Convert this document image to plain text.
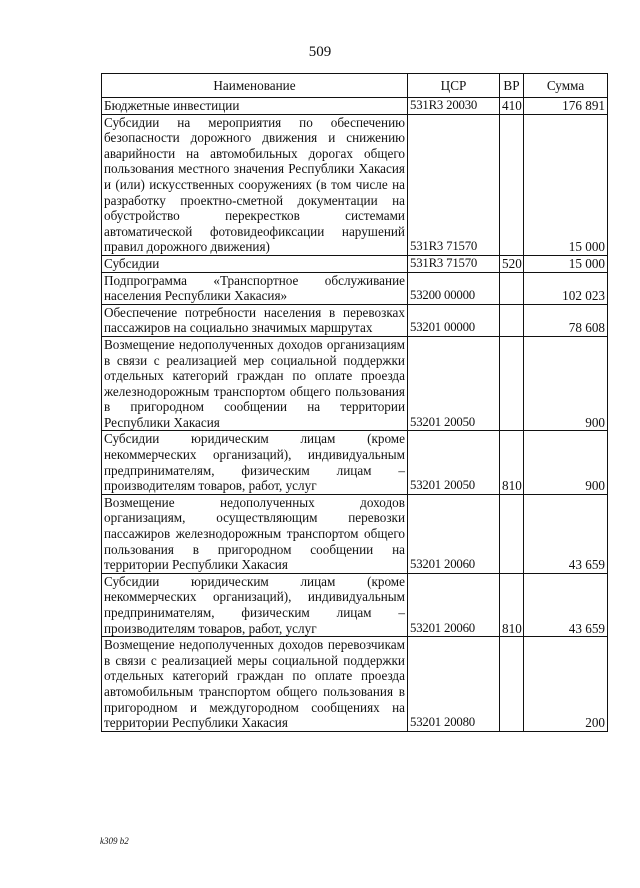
509
Наименование	ЦСР	ВР	Сумма
Бюджетные инвестиции	531R3 20030	410	176 891
Субсидии на мероприятия по обеспечению безопасности дорожного движения и снижению аварийности на автомобильных дорогах общего пользования местного значения Республики Хакасия и (или) искусственных сооружениях (в том числе на разработку проектно-сметной документации на обустройство перекрестков системами автоматической фотовидеофиксации нарушений правил дорожного движения)	531R3 71570		15 000
Субсидии	531R3 71570	520	15 000
Подпрограмма «Транспортное обслуживание населения Республики Хакасия»	53200 00000		102 023
Обеспечение потребности населения в перевозках пассажиров на социально значимых маршрутах	53201 00000		78 608
Возмещение недополученных доходов организациям в связи с реализацией мер социальной поддержки отдельных категорий граждан по оплате проезда железнодорожным транспортом общего пользования в пригородном сообщении на территории Республики Хакасия	53201 20050		900
Субсидии юридическим лицам (кроме некоммерческих организаций), индивидуальным предпринимателям, физическим лицам – производителям товаров, работ, услуг	53201 20050	810	900
Возмещение недополученных доходов организациям, осуществляющим перевозки пассажиров железнодорожным транспортом общего пользования в пригородном сообщении на территории Республики Хакасия	53201 20060		43 659
Субсидии юридическим лицам (кроме некоммерческих организаций), индивидуальным предпринимателям, физическим лицам – производителям товаров, работ, услуг	53201 20060	810	43 659
Возмещение недополученных доходов перевозчикам в связи с реализацией меры социальной поддержки отдельных категорий граждан по оплате проезда автомобильным транспортом общего пользования в пригородном и междугородном сообщениях на территории Республики Хакасия	53201 20080		200
k309 b2
